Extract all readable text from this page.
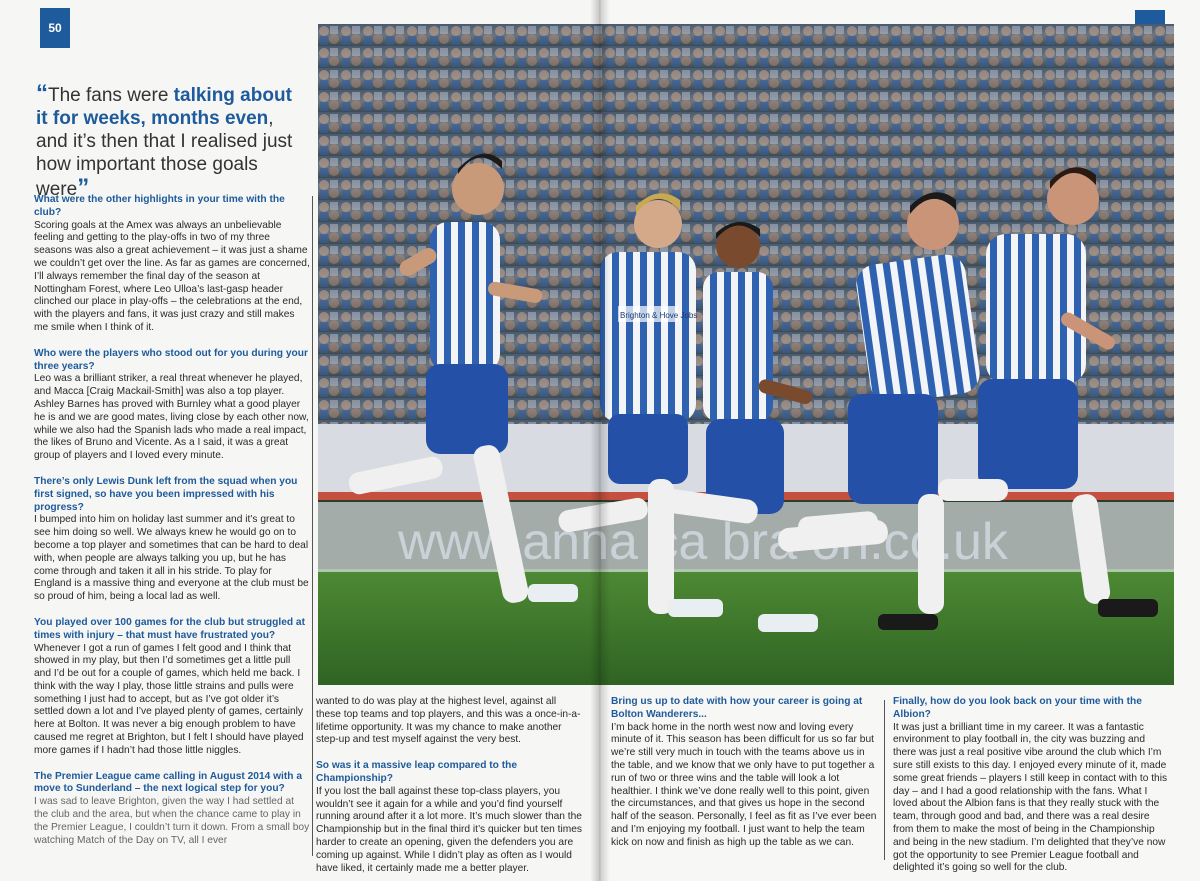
50
“The fans were talking about it for weeks, months even, and it’s then that I realised just how important those goals were”
Brighton & Hove Jobs

What were the other highlights in your time with the club?
Scoring goals at the Amex was always an unbelievable feeling and getting to the play-offs in two of my three seasons was also a great achievement – it was just a shame we couldn’t get over the line. As far as games are concerned, I’ll always remember the final day of the season at Nottingham Forest, where Leo Ulloa’s last-gasp header clinched our place in play-offs – the celebrations at the end, with the players and fans, it was just crazy and still makes me smile when I think of it.

Who were the players who stood out for you during your three years?
Leo was a brilliant striker, a real threat whenever he played, and Macca [Craig Mackail-Smith] was also a top player. Ashley Barnes has proved with Burnley what a good player he is and we are good mates, living close by each other now, while we also had the Spanish lads who made a real impact, the likes of Bruno and Vicente. As a I said, it was a great group of players and I loved every minute.

There’s only Lewis Dunk left from the squad when you first signed, so have you been impressed with his progress?
I bumped into him on holiday last summer and it’s great to see him doing so well. We always knew he would go on to become a top player and sometimes that can be hard to deal with, when people are always talking you up, but he has come through and taken it all in his stride. To play for England is a massive thing and everyone at the club must be so proud of him, being a local lad as well.

You played over 100 games for the club but struggled at times with injury – that must have frustrated you?
Whenever I got a run of games I felt good and I think that showed in my play, but then I’d sometimes get a little pull and I’d be out for a couple of games, which held me back. I think with the way I play, those little strains and pulls were something I just had to accept, but as I’ve got older it’s settled down a lot and I’ve played plenty of games, certainly here at Bolton. It was never a big enough problem to have caused me regret at Brighton, but I felt I should have played more games if I hadn’t had those little niggles.

The Premier League came calling in August 2014 with a move to Sunderland – the next logical step for you?
I was sad to leave Brighton, given the way I had settled at the club and the area, but when the chance came to play in the Premier League, I couldn’t turn it down. From a small boy watching Match of the Day on TV, all I ever

wanted to do was play at the highest level, against all these top teams and top players, and this was a once-in-a-lifetime opportunity. It was my chance to make another step-up and test myself against the very best.

So was it a massive leap compared to the Championship?
If you lost the ball against these top-class players, you wouldn’t see it again for a while and you’d find yourself running around after it a lot more. It’s much slower than the Championship but in the final third it’s quicker but ten times harder to create an opening, given the defenders you are coming up against. While I didn’t play as often as I would have liked, it certainly made me a better player.

Bring us up to date with how your career is going at Bolton Wanderers...
I’m back home in the north west now and loving every minute of it. This season has been difficult for us so far but we’re still very much in touch with the teams above us in the table, and we know that we only have to put together a run of two or three wins and the table will look a lot healthier. I think we’ve done really well to this point, given the circumstances, and that gives us hope in the second half of the season. Personally, I feel as fit as I’ve ever been and I’m enjoying my football. I just want to help the team kick on now and finish as high up the table as we can.

Finally, how do you look back on your time with the Albion?
It was just a brilliant time in my career. It was a fantastic environment to play football in, the city was buzzing and there was just a real positive vibe around the club which I’m sure still exists to this day. I enjoyed every minute of it, made some great friends – players I still keep in contact with to this day – and I had a good relationship with the fans. What I loved about the Albion fans is that they really stuck with the team, through good and bad, and there was a real desire from them to make the most of being in the Championship and being in the new stadium. I’m delighted that they’ve now got the opportunity to see Premier League football and delighted it’s going so well for the club.
